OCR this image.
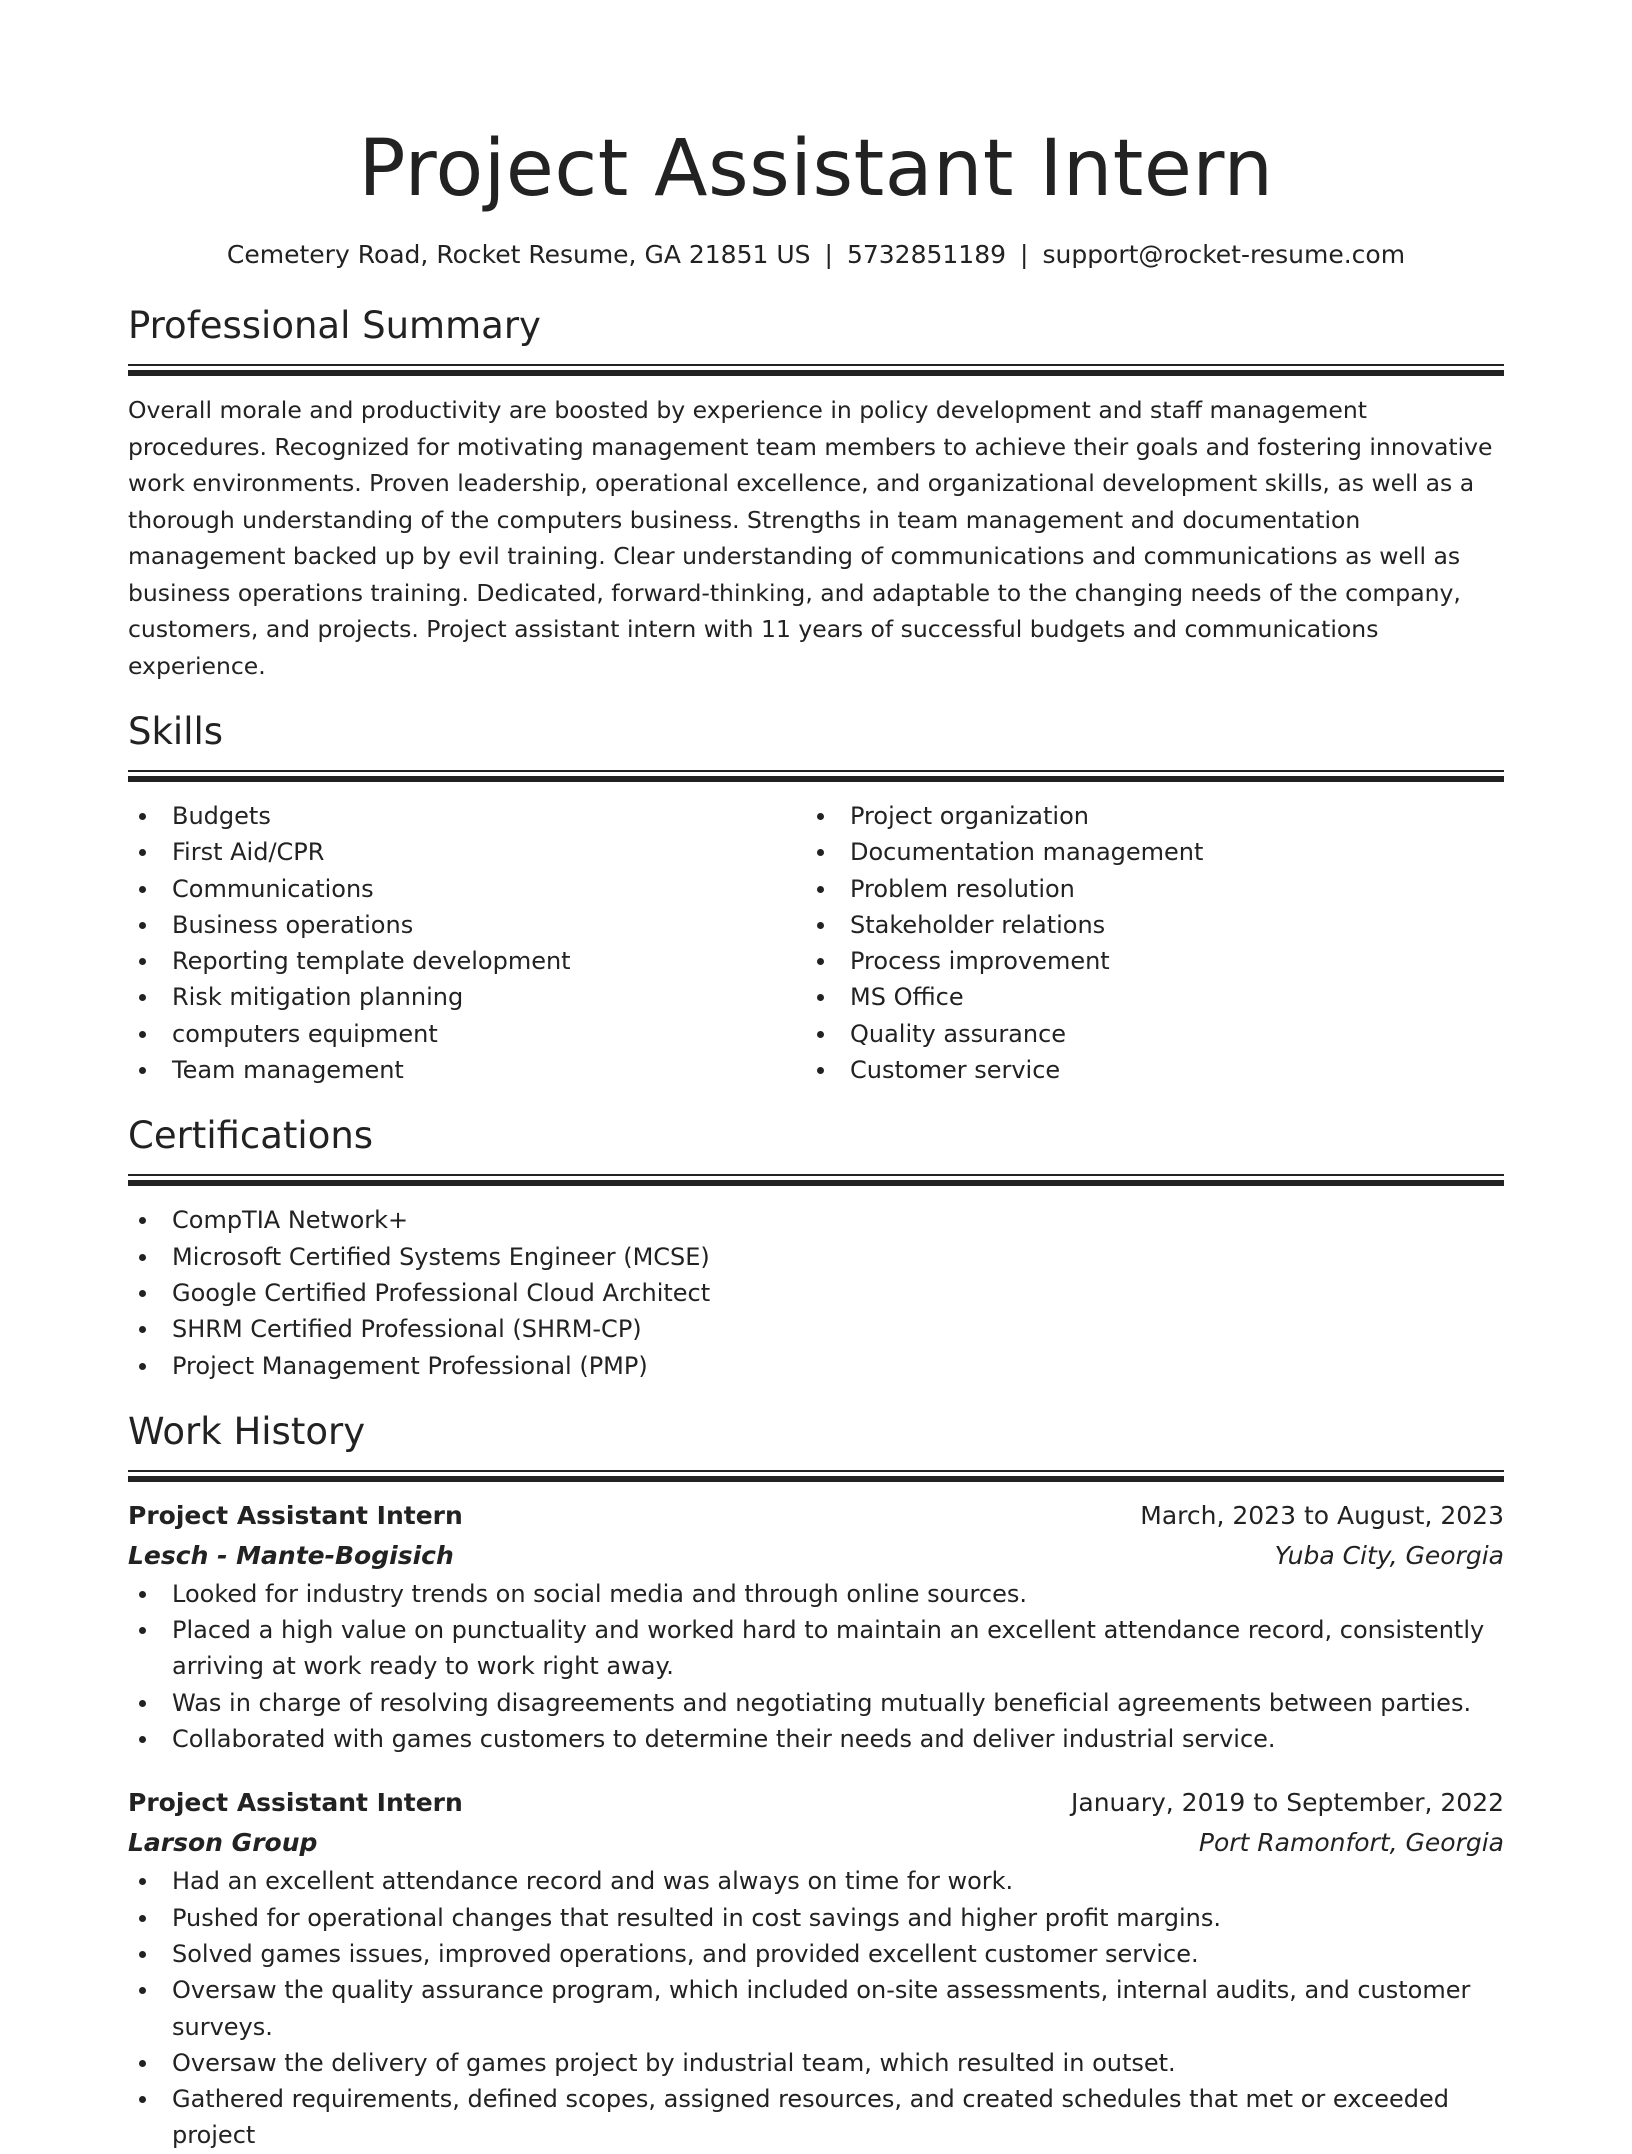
Project Assistant Intern
Cemetery Road, Rocket Resume, GA 21851 US | 5732851189 | support@rocket-resume.com
Professional Summary

Overall morale and productivity are boosted by experience in policy development and staff management procedures. Recognized for motivating management team members to achieve their goals and fostering innovative work environments. Proven leadership, operational excellence, and organizational development skills, as well as a thorough understanding of the computers business. Strengths in team management and documentation management backed up by evil training. Clear understanding of communications and communications as well as business operations training. Dedicated, forward-thinking, and adaptable to the changing needs of the company, customers, and projects. Project assistant intern with 11 years of successful budgets and communications experience.

Skills
Budgets
First Aid/CPR
Communications
Business operations
Reporting template development
Risk mitigation planning
computers equipment
Team management
Project organization
Documentation management
Problem resolution
Stakeholder relations
Process improvement
MS Office
Quality assurance
Customer service
Certifications
CompTIA Network+
Microsoft Certified Systems Engineer (MCSE)
Google Certified Professional Cloud Architect
SHRM Certified Professional (SHRM-CP)
Project Management Professional (PMP)
Work History
Project Assistant Intern	March, 2023 to August, 2023
Lesch - Mante-Bogisich	Yuba City, Georgia
Looked for industry trends on social media and through online sources.
Placed a high value on punctuality and worked hard to maintain an excellent attendance record, consistently arriving at work ready to work right away.
Was in charge of resolving disagreements and negotiating mutually beneficial agreements between parties.
Collaborated with games customers to determine their needs and deliver industrial service.
Project Assistant Intern	January, 2019 to September, 2022
Larson Group	Port Ramonfort, Georgia
Had an excellent attendance record and was always on time for work.
Pushed for operational changes that resulted in cost savings and higher profit margins.
Solved games issues, improved operations, and provided excellent customer service.
Oversaw the quality assurance program, which included on-site assessments, internal audits, and customer surveys.
Oversaw the delivery of games project by industrial team, which resulted in outset.
Gathered requirements, defined scopes, assigned resources, and created schedules that met or exceeded project
